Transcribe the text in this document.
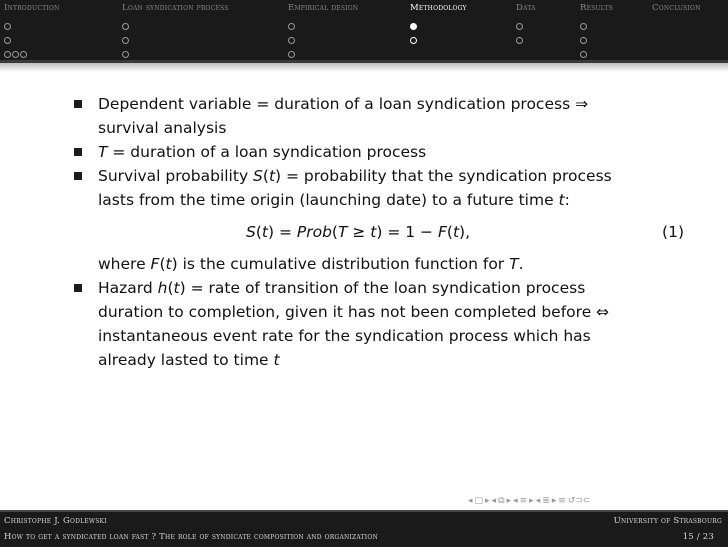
Introduction	Loan syndication process	Empirical design	Methodology	Data	Results	Conclusion
Dependent variable = duration of a loan syndication process ⇒
survival analysis
T = duration of a loan syndication process
Survival probability S(t) = probability that the syndication process
lasts from the time origin (launching date) to a future time t:
S(t) = Prob(T ≥ t) = 1 − F(t),	(1)
where F(t) is the cumulative distribution function for T.
Hazard h(t) = rate of transition of the loan syndication process
duration to completion, given it has not been completed before ⇔
instantaneous event rate for the syndication process which has
already lasted to time t
◂ □ ▸ ◂ ⧉ ▸ ◂ ≡ ▸ ◂ ≣ ▸ ≡ ↺⊃⊂
Christophe J. Godlewski	University of Strasbourg
How to get a syndicated loan fast ? The role of syndicate composition and organization	15 / 23
